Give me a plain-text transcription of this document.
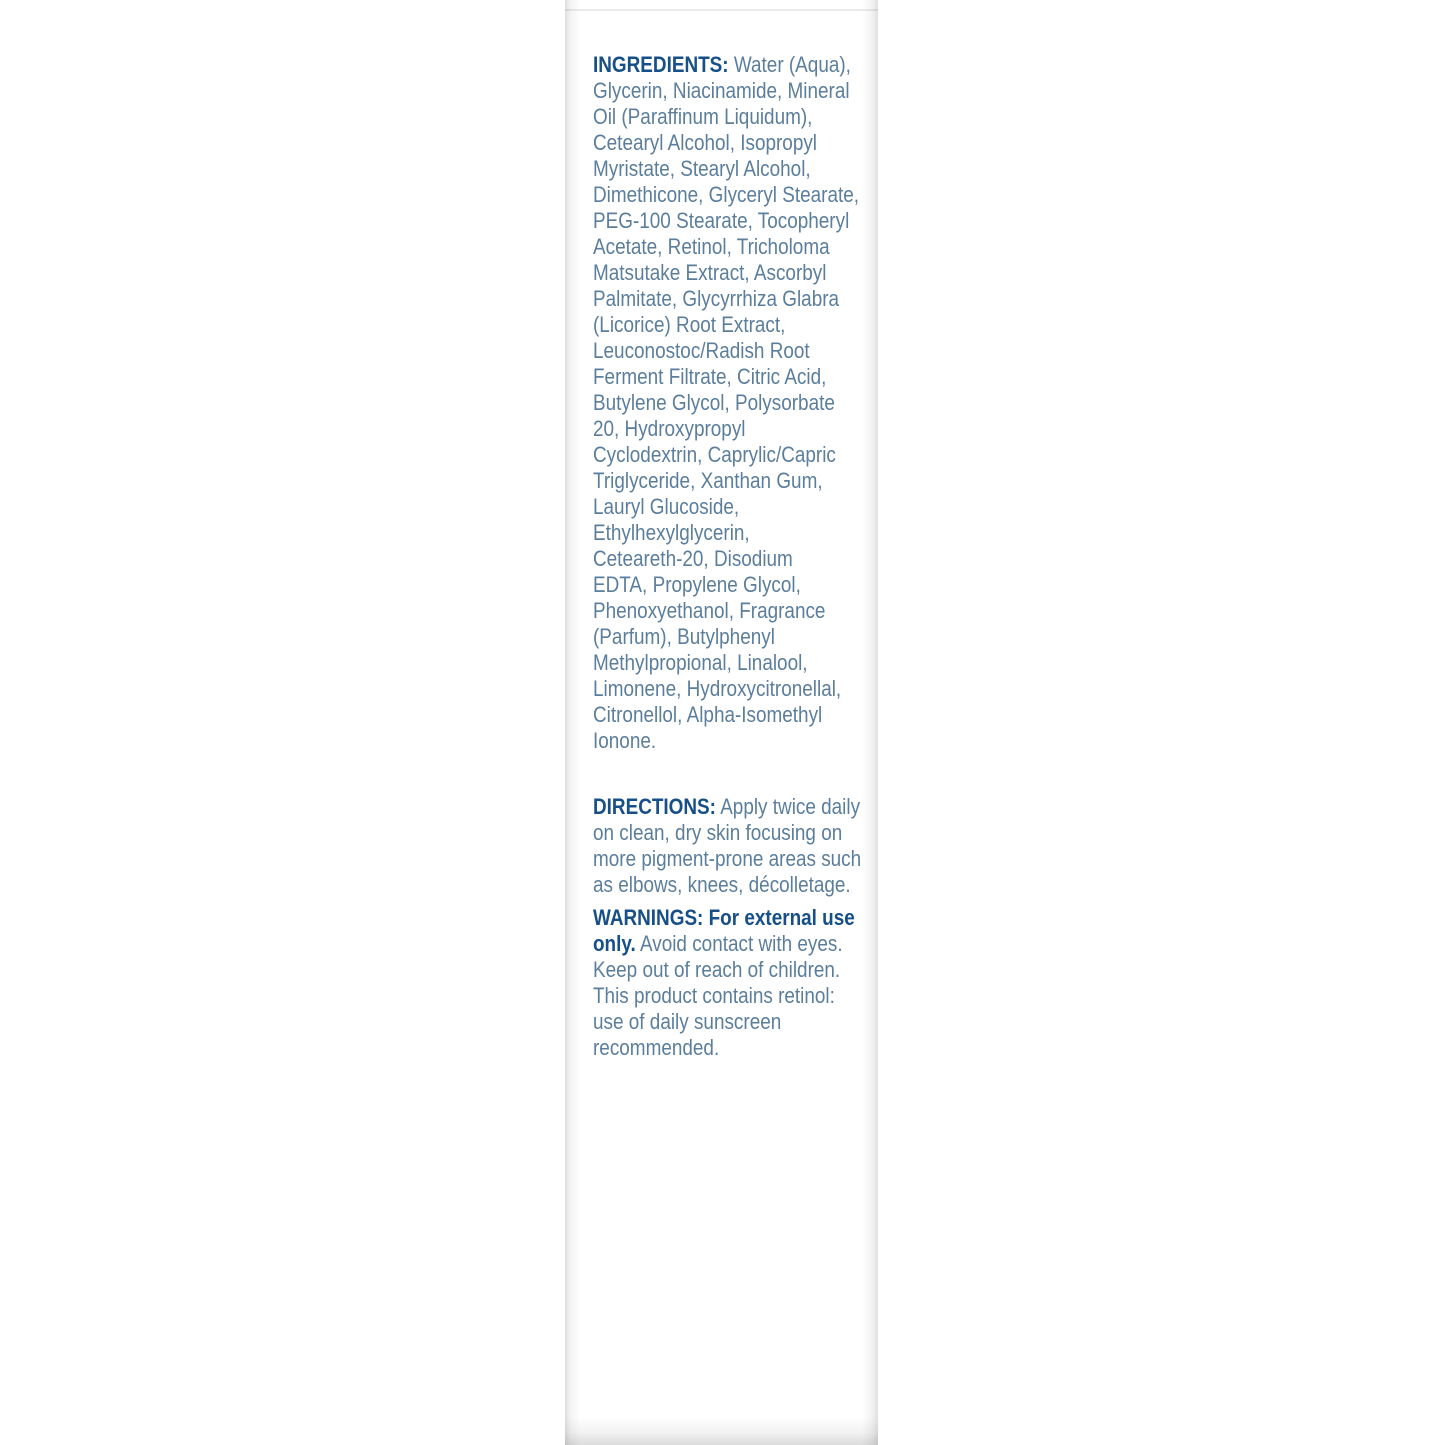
INGREDIENTS: Water (Aqua),
Glycerin, Niacinamide, Mineral
Oil (Paraffinum Liquidum),
Cetearyl Alcohol, Isopropyl
Myristate, Stearyl Alcohol,
Dimethicone, Glyceryl Stearate,
PEG-100 Stearate, Tocopheryl
Acetate, Retinol, Tricholoma
Matsutake Extract, Ascorbyl
Palmitate, Glycyrrhiza Glabra
(Licorice) Root Extract,
Leuconostoc/Radish Root
Ferment Filtrate, Citric Acid,
Butylene Glycol, Polysorbate
20, Hydroxypropyl
Cyclodextrin, Caprylic/Capric
Triglyceride, Xanthan Gum,
Lauryl Glucoside,
Ethylhexylglycerin,
Ceteareth-20, Disodium
EDTA, Propylene Glycol,
Phenoxyethanol, Fragrance
(Parfum), Butylphenyl
Methylpropional, Linalool,
Limonene, Hydroxycitronellal,
Citronellol, Alpha-Isomethyl
Ionone.
DIRECTIONS: Apply twice daily
on clean, dry skin focusing on
more pigment-prone areas such
as elbows, knees, décolletage.
WARNINGS: For external use
only. Avoid contact with eyes.
Keep out of reach of children.
This product contains retinol:
use of daily sunscreen
recommended.
